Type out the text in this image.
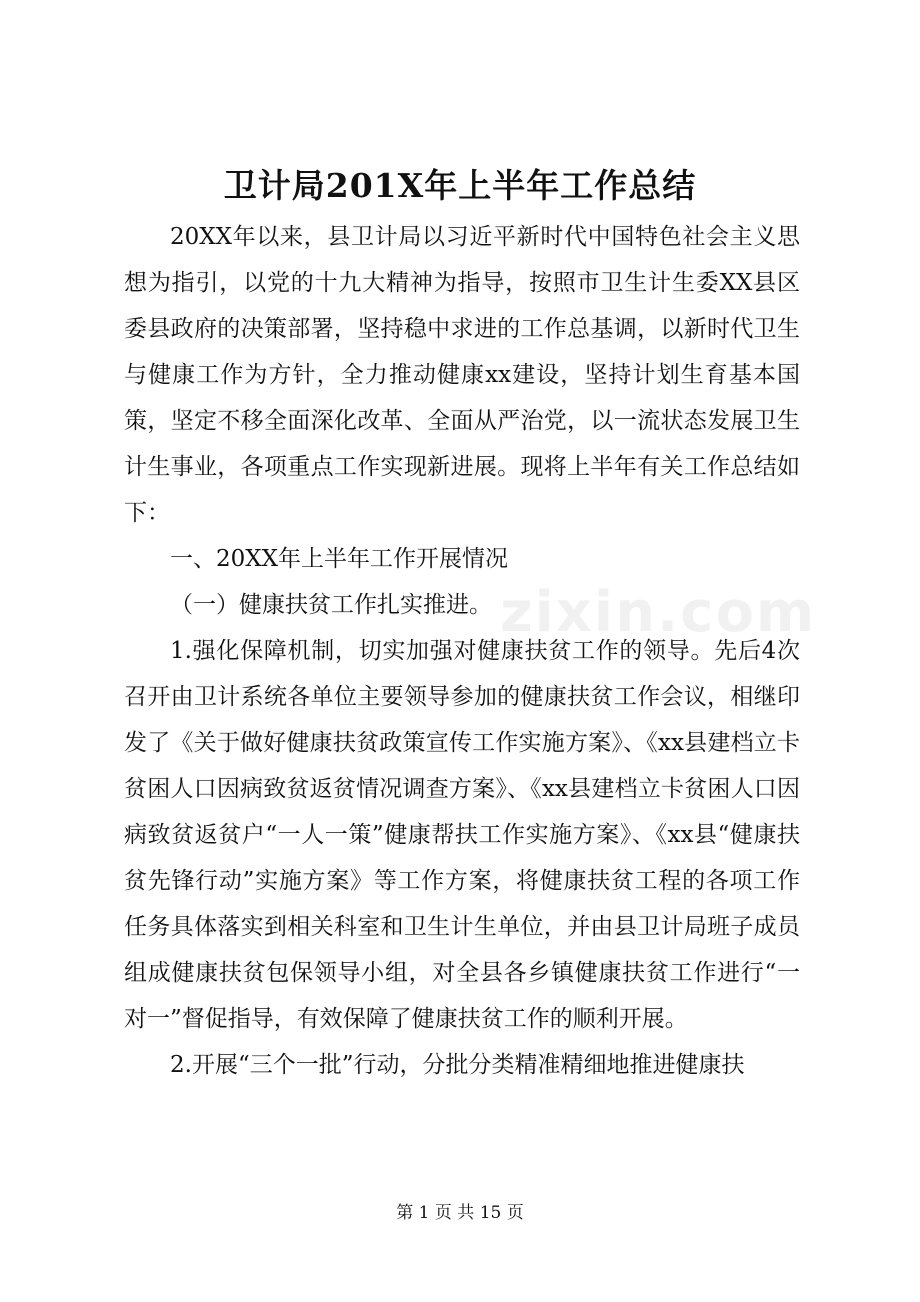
zixin.com
卫计局201X年上半年工作总结

20XX年以来，县卫计局以习近平新时代中国特色社会主义思想为指引，以党的十九大精神为指导，按照市卫生计生委XX县区委县政府的决策部署，坚持稳中求进的工作总基调，以新时代卫生与健康工作为方针，全力推动健康xx建设，坚持计划生育基本国策，坚定不移全面深化改革、全面从严治党，以一流状态发展卫生计生事业，各项重点工作实现新进展。现将上半年有关工作总结如下：

一、20XX年上半年工作开展情况

（一）健康扶贫工作扎实推进。

1.强化保障机制，切实加强对健康扶贫工作的领导。先后4次召开由卫计系统各单位主要领导参加的健康扶贫工作会议，相继印发了《关于做好健康扶贫政策宣传工作实施方案》、《xx县建档立卡贫困人口因病致贫返贫情况调查方案》、《xx县建档立卡贫困人口因病致贫返贫户“一人一策”健康帮扶工作实施方案》、《xx县“健康扶贫先锋行动”实施方案》等工作方案，将健康扶贫工程的各项工作任务具体落实到相关科室和卫生计生单位，并由县卫计局班子成员组成健康扶贫包保领导小组，对全县各乡镇健康扶贫工作进行“一对一”督促指导，有效保障了健康扶贫工作的顺利开展。

2.开展“三个一批”行动，分批分类精准精细地推进健康扶

第 1 页 共 15 页
